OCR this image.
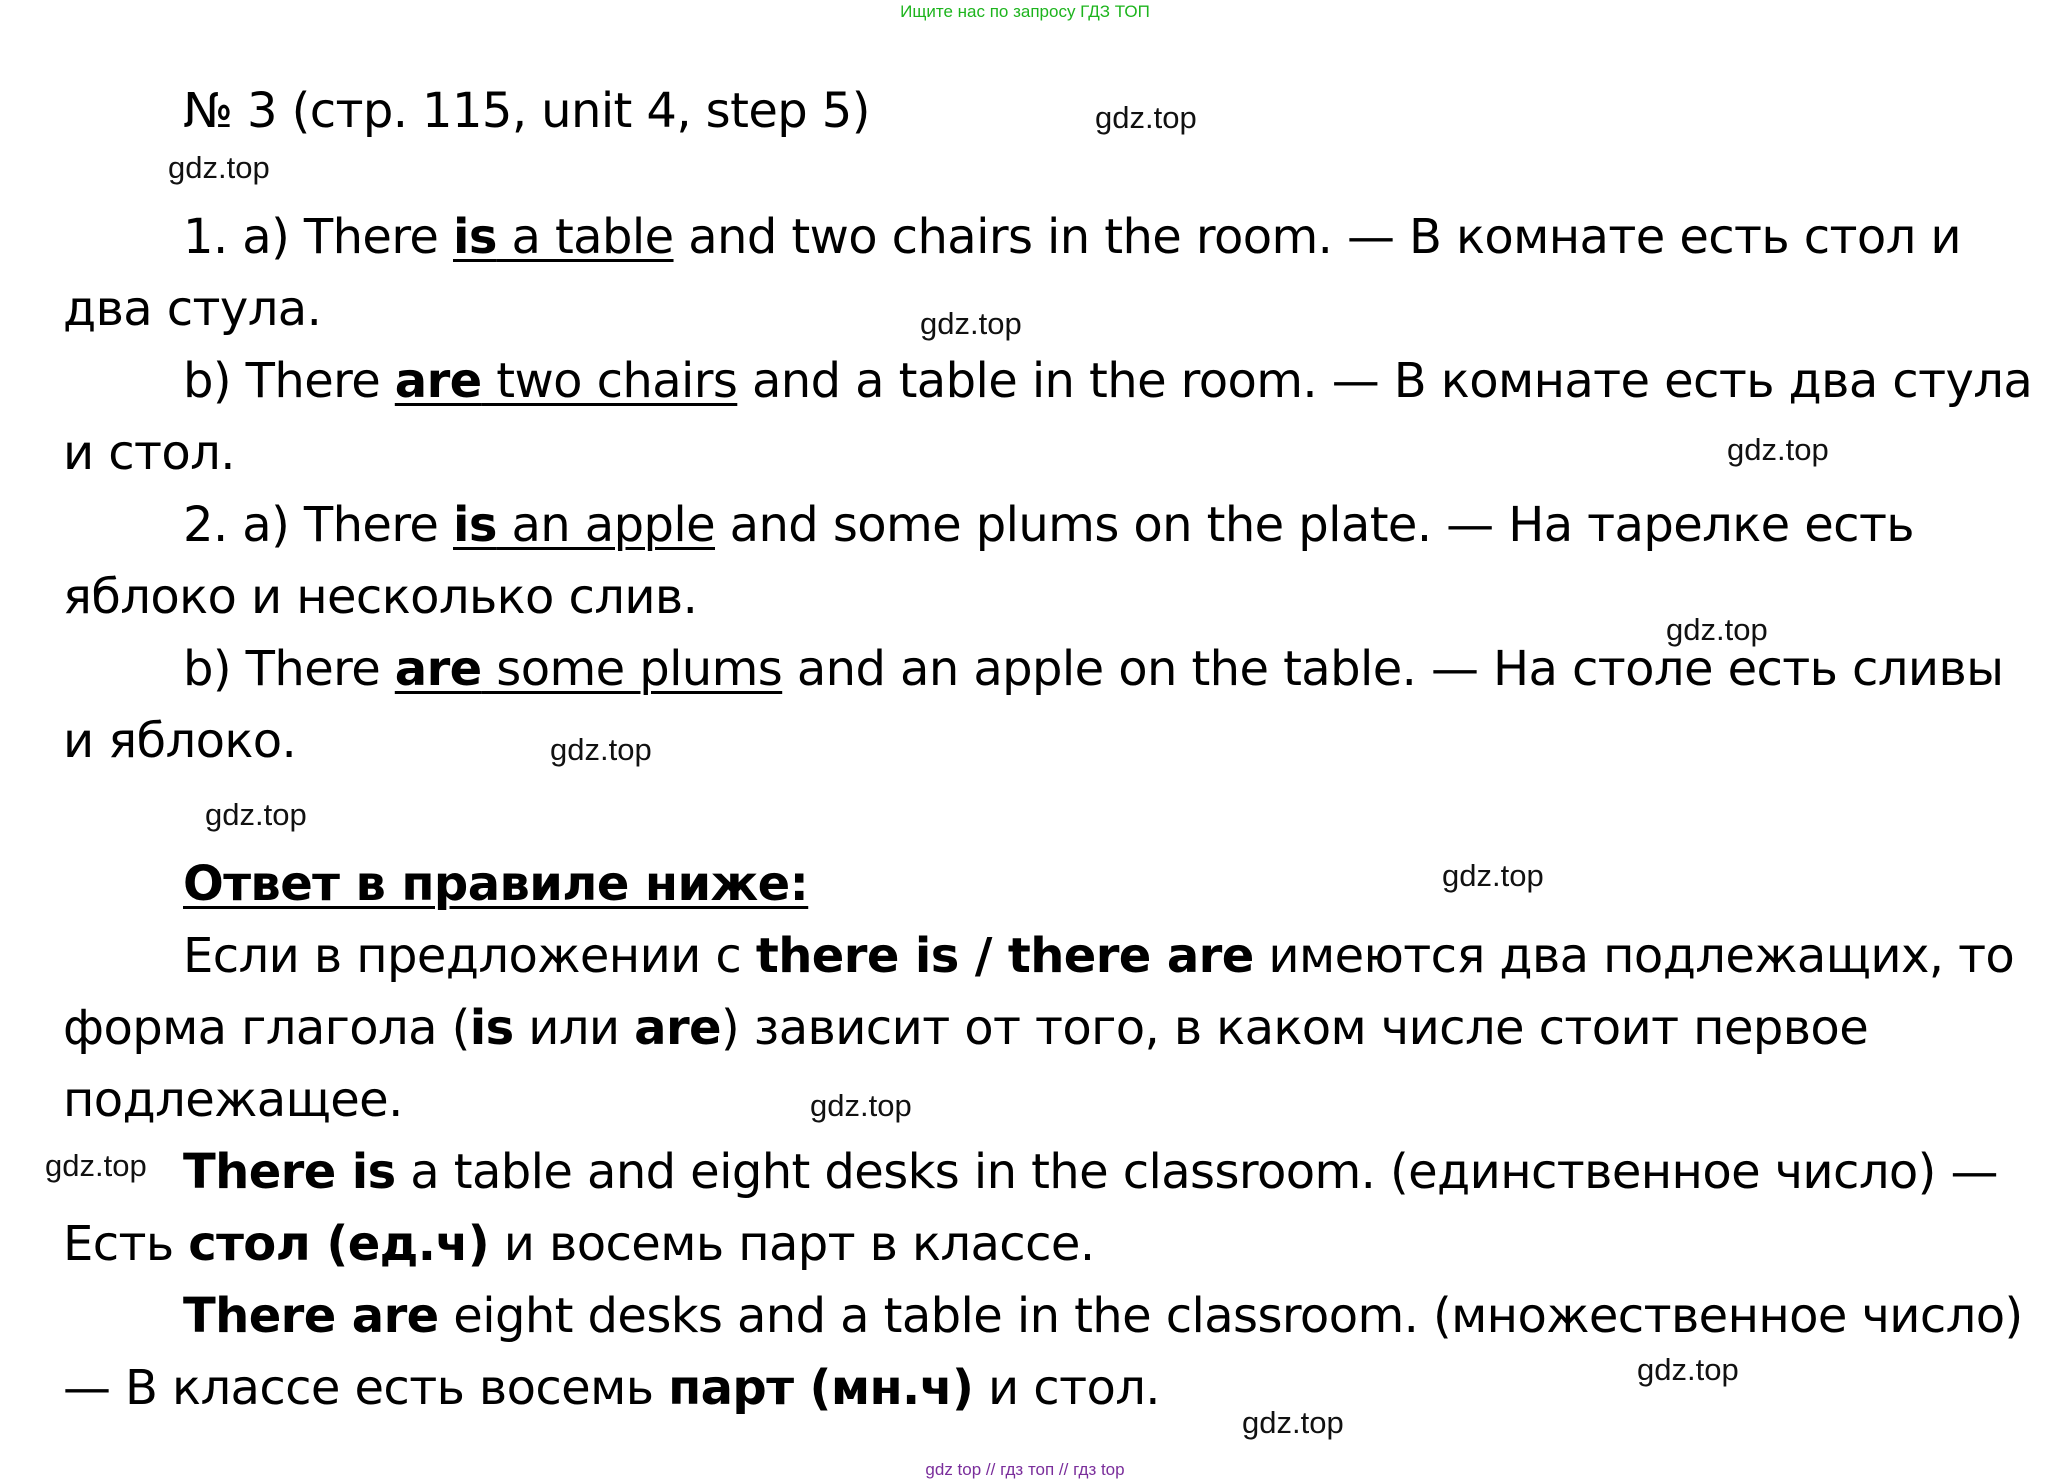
Ищите нас по запросу ГДЗ ТОП
gdz.top
gdz.top
gdz.top
gdz.top
gdz.top
gdz.top
gdz.top
gdz.top
gdz.top
gdz.top
gdz.top
gdz.top
№ 3 (стр. 115, unit 4, step 5)
1. a) There is a table and two chairs in the room. — В комнате есть стол и
два стула.
b) There are two chairs and a table in the room. — В комнате есть два стула
и стол.
2. a) There is an apple and some plums on the plate. — На тарелке есть
яблоко и несколько слив.
b) There are some plums and an apple on the table. — На столе есть сливы
и яблоко.
Ответ в правиле ниже:
Если в предложении с there is / there are имеются два подлежащих, то
форма глагола (is или are) зависит от того, в каком числе стоит первое
подлежащее.
There is a table and eight desks in the classroom. (единственное число) —
Есть стол (ед.ч) и восемь парт в классе.
There are eight desks and a table in the classroom. (множественное число)
— В классе есть восемь парт (мн.ч) и стол.
gdz top // гдз топ // гдз top
